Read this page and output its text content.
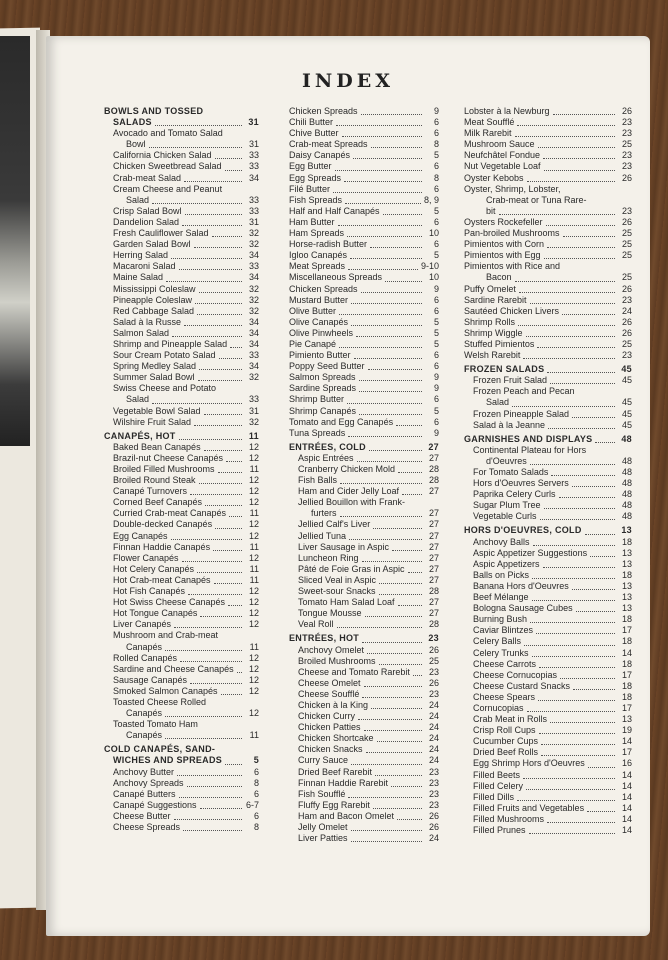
INDEX
BOWLS AND TOSSED
SALADS	31
Avocado and Tomato Salad
Bowl	31
California Chicken Salad	33
Chicken Sweetbread Salad	33
Crab-meat Salad	34
Cream Cheese and Peanut
Salad	33
Crisp Salad Bowl	33
Dandelion Salad	31
Fresh Cauliflower Salad	32
Garden Salad Bowl	32
Herring Salad	34
Macaroni Salad	33
Maine Salad	34
Mississippi Coleslaw	32
Pineapple Coleslaw	32
Red Cabbage Salad	32
Salad à la Russe	34
Salmon Salad	34
Shrimp and Pineapple Salad	34
Sour Cream Potato Salad	33
Spring Medley Salad	34
Summer Salad Bowl	32
Swiss Cheese and Potato
Salad	33
Vegetable Bowl Salad	31
Wilshire Fruit Salad	32
CANAPÉS, HOT	11
Baked Bean Canapés	12
Brazil-nut Cheese Canapés	12
Broiled Filled Mushrooms	11
Broiled Round Steak	12
Canapé Turnovers	12
Corned Beef Canapés	12
Curried Crab-meat Canapés	11
Double-decked Canapés	12
Egg Canapés	12
Finnan Haddie Canapés	11
Flower Canapés	12
Hot Celery Canapés	11
Hot Crab-meat Canapés	11
Hot Fish Canapés	12
Hot Swiss Cheese Canapés	12
Hot Tongue Canapés	12
Liver Canapés	12
Mushroom and Crab-meat
Canapés	11
Rolled Canapés	12
Sardine and Cheese Canapés	12
Sausage Canapés	12
Smoked Salmon Canapés	12
Toasted Cheese Rolled
Canapés	12
Toasted Tomato Ham
Canapés	11
COLD CANAPÉS, SAND-
WICHES AND SPREADS	5
Anchovy Butter	6
Anchovy Spreads	8
Canapé Butters	6
Canapé Suggestions	6-7
Cheese Butter	6
Cheese Spreads	8
Chicken Spreads	9
Chili Butter	6
Chive Butter	6
Crab-meat Spreads	8
Daisy Canapés	5
Egg Butter	6
Egg Spreads	8
Filé Butter	6
Fish Spreads	8, 9
Half and Half Canapés	5
Ham Butter	6
Ham Spreads	10
Horse-radish Butter	6
Igloo Canapés	5
Meat Spreads	9-10
Miscellaneous Spreads	10
Chicken Spreads	9
Mustard Butter	6
Olive Butter	6
Olive Canapés	5
Olive Pinwheels	5
Pie Canapé	5
Pimiento Butter	6
Poppy Seed Butter	6
Salmon Spreads	9
Sardine Spreads	9
Shrimp Butter	6
Shrimp Canapés	5
Tomato and Egg Canapés	6
Tuna Spreads	9
ENTRÉES, COLD	27
Aspic Entrées	27
Cranberry Chicken Mold	28
Fish Balls	28
Ham and Cider Jelly Loaf	27
Jellied Bouillon with Frank-
furters	27
Jellied Calf's Liver	27
Jellied Tuna	27
Liver Sausage in Aspic	27
Luncheon Ring	27
Pâté de Foie Gras in Aspic	27
Sliced Veal in Aspic	27
Sweet-sour Snacks	28
Tomato Ham Salad Loaf	27
Tongue Mousse	27
Veal Roll	28
ENTRÉES, HOT	23
Anchovy Omelet	26
Broiled Mushrooms	25
Cheese and Tomato Rarebit	23
Cheese Omelet	26
Cheese Soufflé	23
Chicken à la King	24
Chicken Curry	24
Chicken Patties	24
Chicken Shortcake	24
Chicken Snacks	24
Curry Sauce	24
Dried Beef Rarebit	23
Finnan Haddie Rarebit	23
Fish Soufflé	23
Fluffy Egg Rarebit	23
Ham and Bacon Omelet	26
Jelly Omelet	26
Liver Patties	24
Lobster à la Newburg	26
Meat Soufflé	23
Milk Rarebit	23
Mushroom Sauce	25
Neufchâtel Fondue	23
Nut Vegetable Loaf	23
Oyster Kebobs	26
Oyster, Shrimp, Lobster,
Crab-meat or Tuna Rare-
bit	23
Oysters Rockefeller	26
Pan-broiled Mushrooms	25
Pimientos with Corn	25
Pimientos with Egg	25
Pimientos with Rice and
Bacon	25
Puffy Omelet	26
Sardine Rarebit	23
Sautéed Chicken Livers	24
Shrimp Rolls	26
Shrimp Wiggle	26
Stuffed Pimientos	25
Welsh Rarebit	23
FROZEN SALADS	45
Frozen Fruit Salad	45
Frozen Peach and Pecan
Salad	45
Frozen Pineapple Salad	45
Salad à la Jeanne	45
GARNISHES AND DISPLAYS	48
Continental Plateau for Hors
d'Oeuvres	48
For Tomato Salads	48
Hors d'Oeuvres Servers	48
Paprika Celery Curls	48
Sugar Plum Tree	48
Vegetable Curls	48
HORS D'OEUVRES, COLD	13
Anchovy Balls	18
Aspic Appetizer Suggestions	13
Aspic Appetizers	13
Balls on Picks	18
Banana Hors d'Oeuvres	13
Beef Mélange	13
Bologna Sausage Cubes	13
Burning Bush	18
Caviar Blintzes	17
Celery Balls	18
Celery Trunks	14
Cheese Carrots	18
Cheese Cornucopias	17
Cheese Custard Snacks	18
Cheese Spears	18
Cornucopias	17
Crab Meat in Rolls	13
Crisp Roll Cups	19
Cucumber Cups	14
Dried Beef Rolls	17
Egg Shrimp Hors d'Oeuvres	16
Filled Beets	14
Filled Celery	14
Filled Dills	14
Filled Fruits and Vegetables	14
Filled Mushrooms	14
Filled Prunes	14
